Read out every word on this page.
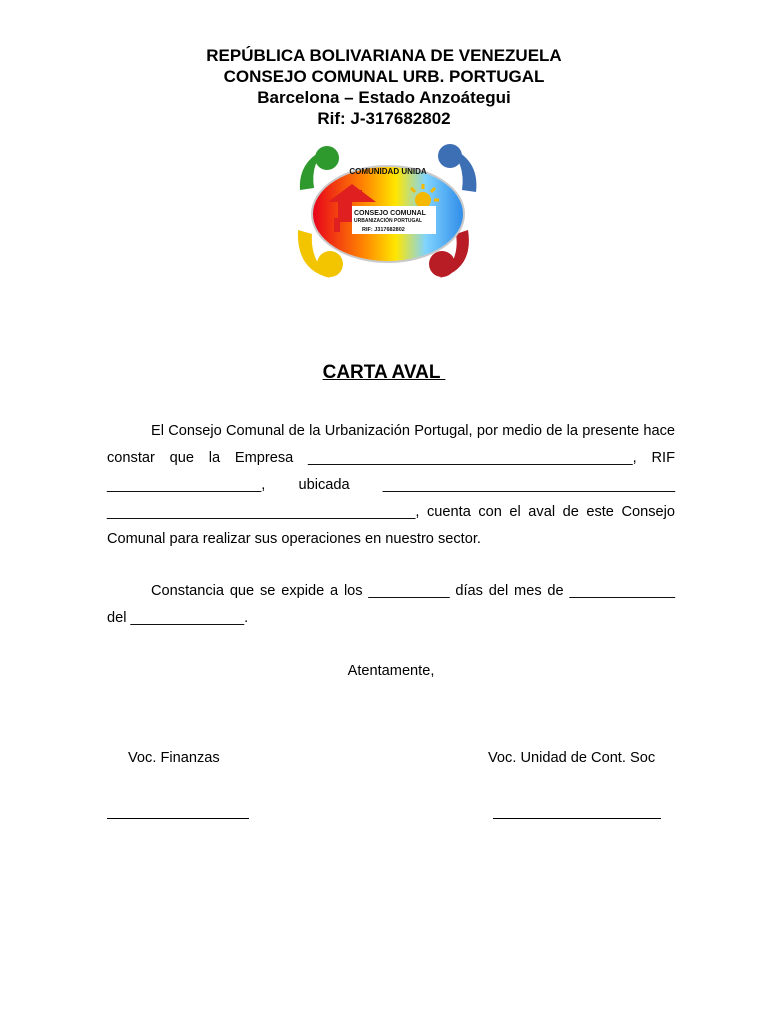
REPÚBLICA BOLIVARIANA DE VENEZUELA
CONSEJO COMUNAL URB. PORTUGAL
Barcelona – Estado Anzoátegui
Rif: J-317682802
COMUNIDAD UNIDA
CONSEJO COMUNAL
URBANIZACIÓN PORTUGAL
RIF: J317682802
CARTA AVAL
El Consejo Comunal de la Urbanización Portugal, por medio de la presente hace constar que la Empresa ________________________________________, RIF ___________________, ubicada ____________________________________ ______________________________________, cuenta con el aval de este Consejo Comunal para realizar sus operaciones en nuestro sector.
Constancia que se expide a los __________ días del mes de _____________ del ______________.
Atentamente,
Voc. Finanzas	Voc. Unidad de Cont. Soc
